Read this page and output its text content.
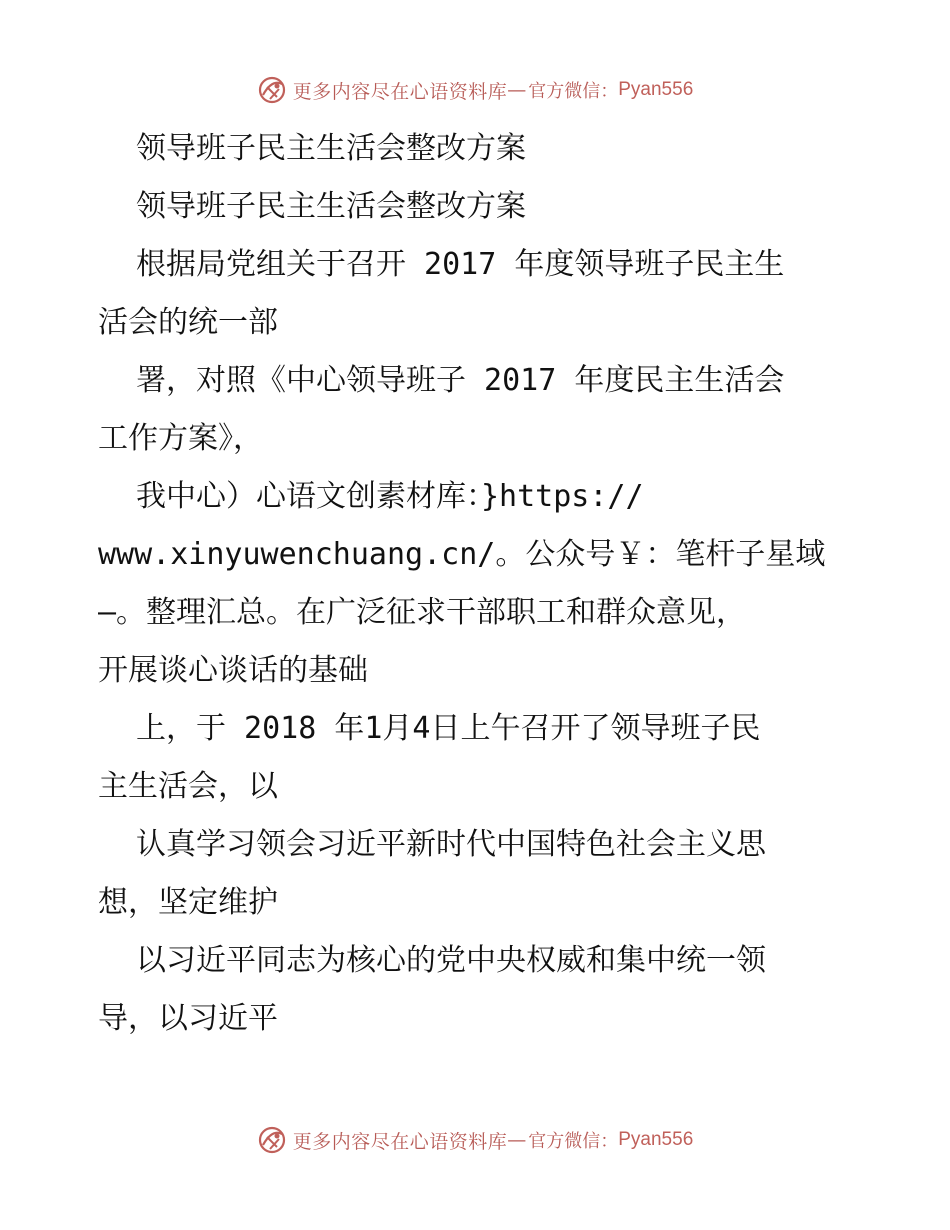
更多内容尽在心语资料库 — 官方微信： Pyan556
领导班子民主生活会整改方案
领导班子民主生活会整改方案
根据局党组关于召开 2017 年度领导班子民主生
活会的统一部
署，对照《中心领导班子 2017 年度民主生活会
工作方案》，
我中心）心语文创素材库：}https://
www.xinyuwenchuang.cn/。公众号￥：笔杆子星域
—。整理汇总。在广泛征求干部职工和群众意见，
开展谈心谈话的基础
上，于 2018 年1月4日上午召开了领导班子民
主生活会，以
认真学习领会习近平新时代中国特色社会主义思
想，坚定维护
以习近平同志为核心的党中央权威和集中统一领
导，以习近平
更多内容尽在心语资料库 — 官方微信： Pyan556
